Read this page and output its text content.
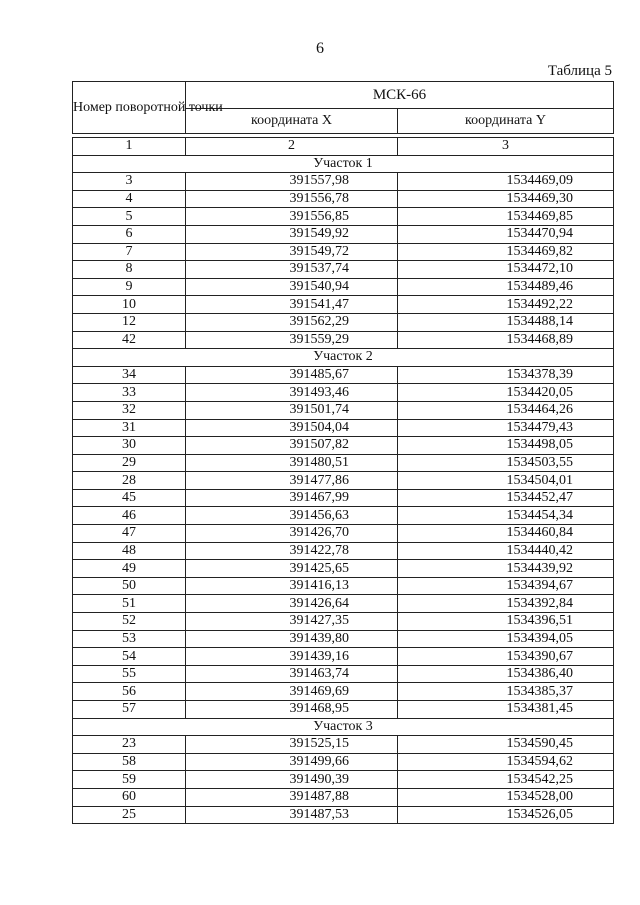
6
Таблица 5
Номер поворотной точки	МСК-66	
	координата X	координата Y

1	2	3
Участок 1		
3	391557,98	1534469,09
4	391556,78	1534469,30
5	391556,85	1534469,85
6	391549,92	1534470,94
7	391549,72	1534469,82
8	391537,74	1534472,10
9	391540,94	1534489,46
10	391541,47	1534492,22
12	391562,29	1534488,14
42	391559,29	1534468,89
Участок 2		
34	391485,67	1534378,39
33	391493,46	1534420,05
32	391501,74	1534464,26
31	391504,04	1534479,43
30	391507,82	1534498,05
29	391480,51	1534503,55
28	391477,86	1534504,01
45	391467,99	1534452,47
46	391456,63	1534454,34
47	391426,70	1534460,84
48	391422,78	1534440,42
49	391425,65	1534439,92
50	391416,13	1534394,67
51	391426,64	1534392,84
52	391427,35	1534396,51
53	391439,80	1534394,05
54	391439,16	1534390,67
55	391463,74	1534386,40
56	391469,69	1534385,37
57	391468,95	1534381,45
Участок 3		
23	391525,15	1534590,45
58	391499,66	1534594,62
59	391490,39	1534542,25
60	391487,88	1534528,00
25	391487,53	1534526,05
